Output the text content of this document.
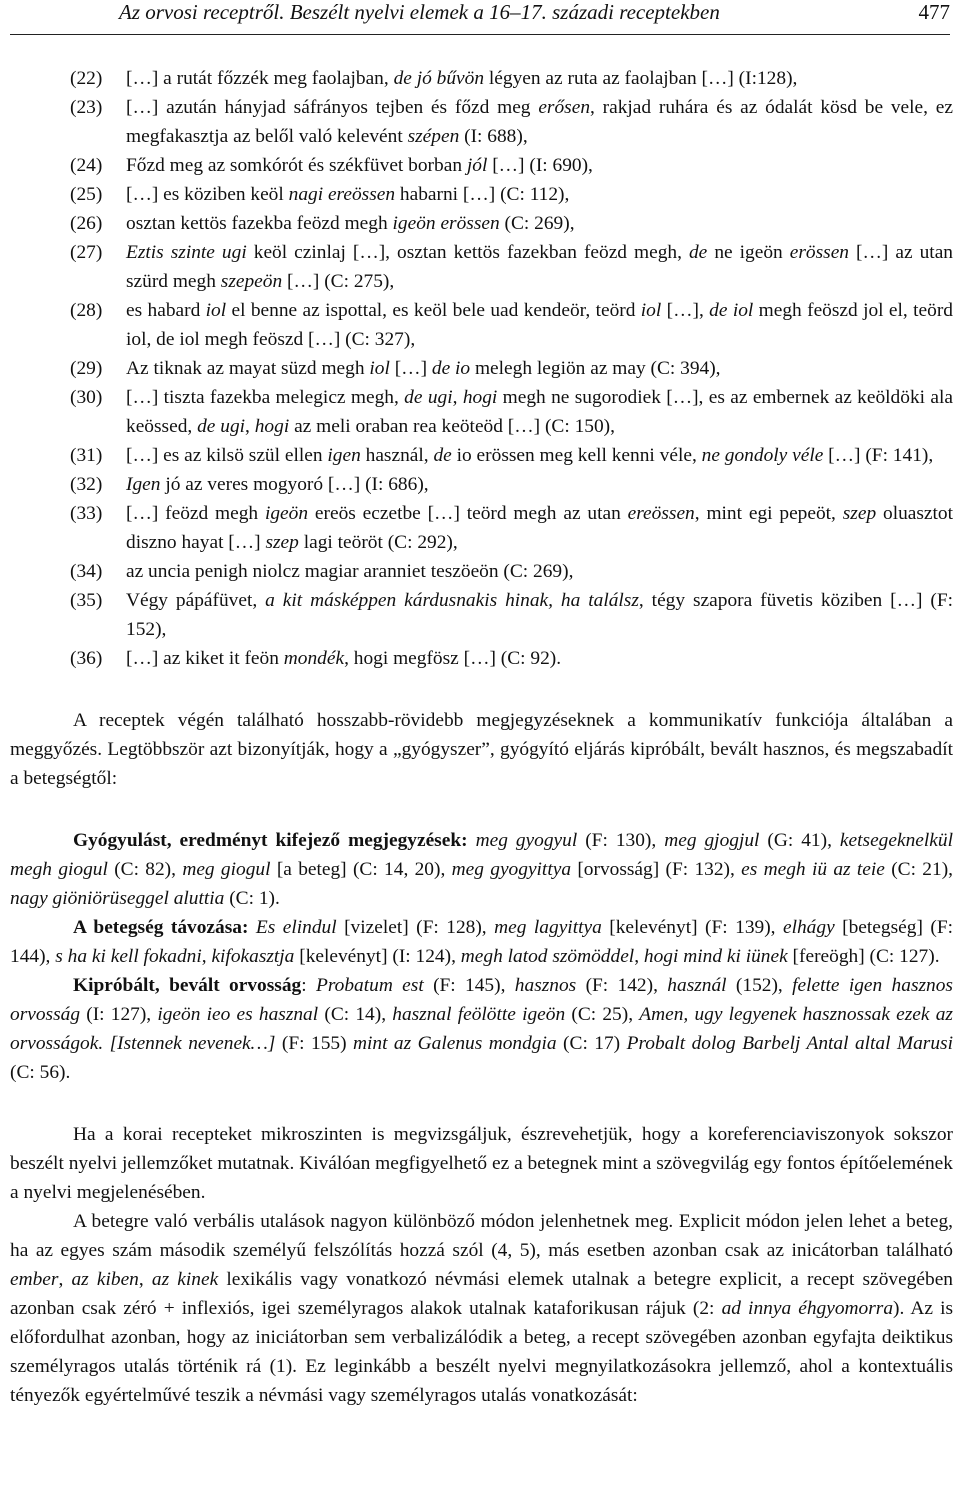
Az orvosi receptről. Beszélt nyelvi elemek a 16–17. századi receptekben	477
(22)	[…] a rutát főzzék meg faolajban, de jó bűvön légyen az ruta az faolajban […] (I:128),
(23)	[…] azután hányjad sáfrányos tejben és főzd meg erősen, rakjad ruhára és az ódalát kösd be vele, ez megfakasztja az belől való kelevént szépen (I: 688),
(24)	Főzd meg az somkórót és székfüvet borban jól […] (I: 690),
(25)	[…] es köziben keöl nagi ereössen habarni […] (C: 112),
(26)	osztan kettös fazekba feözd megh igeön erössen (C: 269),
(27)	Eztis szinte ugi keöl czinlaj […], osztan kettös fazekban feözd megh, de ne igeön erössen […] az utan szürd megh szepeön […] (C: 275),
(28)	es habard iol el benne az ispottal, es keöl bele uad kendeör, teörd iol […], de iol megh feöszd jol el, teörd iol, de iol megh feöszd […] (C: 327),
(29)	Az tiknak az mayat süzd megh iol […] de io melegh legiön az may (C: 394),
(30)	[…] tiszta fazekba melegicz megh, de ugi, hogi megh ne sugorodiek […], es az embernek az keöldöki ala keössed, de ugi, hogi az meli oraban rea keöteöd […] (C: 150),
(31)	[…] es az kilsö szül ellen igen használ, de io erössen meg kell kenni véle, ne gondoly véle […] (F: 141),
(32)	Igen jó az veres mogyoró […] (I: 686),
(33)	[…] feözd megh igeön ereös eczetbe […] teörd megh az utan ereössen, mint egi pepeöt, szep oluasztot diszno hayat […] szep lagi teöröt (C: 292),
(34)	az uncia penigh niolcz magiar aranniet teszöeön (C: 269),
(35)	Végy pápáfüvet, a kit másképpen kárdusnakis hinak, ha találsz, tégy szapora füvetis köziben […] (F: 152),
(36)	[…] az kiket it feön mondék, hogi megfösz […] (C: 92).

A receptek végén található hosszabb-rövidebb megjegyzéseknek a kommunikatív funkciója általában a meggyőzés. Legtöbbször azt bizonyítják, hogy a „gyógyszer”, gyógyító eljárás kipróbált, bevált hasznos, és megszabadít a betegségtől:

Gyógyulást, eredményt kifejező megjegyzések: meg gyogyul (F: 130), meg gjogjul (G: 41), ketsegeknelkül megh giogul (C: 82), meg giogul [a beteg] (C: 14, 20), meg gyogyittya [orvosság] (F: 132), es megh iü az teie (C: 21), nagy giöniörüseggel aluttia (C: 1).

A betegség távozása: Es elindul [vizelet] (F: 128), meg lagyittya [kelevényt] (F: 139), elhágy [betegség] (F: 144), s ha ki kell fokadni, kifokasztja [kelevényt] (I: 124), megh latod szömöddel, hogi mind ki iünek [fereögh] (C: 127).

Kipróbált, bevált orvosság: Probatum est (F: 145), hasznos (F: 142), használ (152), felette igen hasznos orvosság (I: 127), igeön ieo es hasznal (C: 14), hasznal feölötte igeön (C: 25), Amen, ugy legyenek hasznossak ezek az orvosságok. [Istennek nevenek…] (F: 155) mint az Galenus mondgia (C: 17) Probalt dolog Barbelj Antal altal Marusi (C: 56).

Ha a korai recepteket mikroszinten is megvizsgáljuk, észrevehetjük, hogy a koreferenciaviszonyok sokszor beszélt nyelvi jellemzőket mutatnak. Kiválóan megfigyelhető ez a betegnek mint a szövegvilág egy fontos építőelemének a nyelvi megjelenésében.

A betegre való verbális utalások nagyon különböző módon jelenhetnek meg. Explicit módon jelen lehet a beteg, ha az egyes szám második személyű felszólítás hozzá szól (4, 5), más esetben azonban csak az inicátorban található ember, az kiben, az kinek lexikális vagy vonatkozó névmási elemek utalnak a betegre explicit, a recept szövegében azonban csak zéró + inflexiós, igei személyragos alakok utalnak kataforikusan rájuk (2: ad innya éhgyomorra). Az is előfordulhat azonban, hogy az iniciátorban sem verbalizálódik a beteg, a recept szövegében azonban egyfajta deiktikus személyragos utalás történik rá (1). Ez leginkább a beszélt nyelvi megnyilatkozásokra jellemző, ahol a kontextuális tényezők egyértelművé teszik a névmási vagy személyragos utalás vonatkozását:
